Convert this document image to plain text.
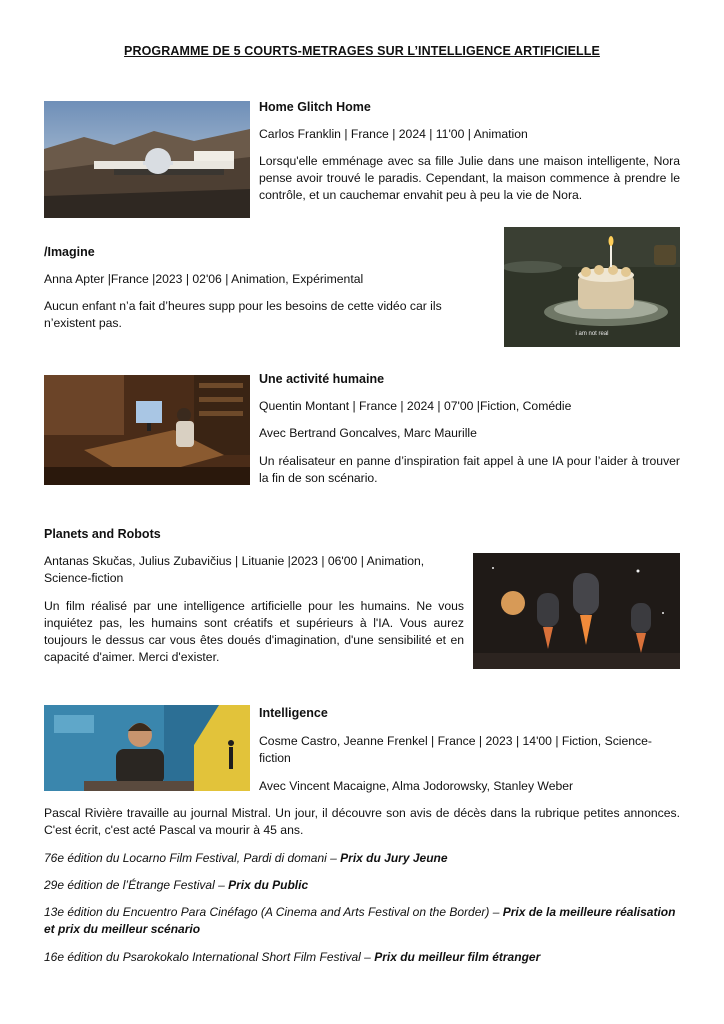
PROGRAMME DE 5 COURTS-METRAGES SUR L’INTELLIGENCE ARTIFICIELLE
Home Glitch Home
Carlos Franklin | France | 2024 | 11'00 | Animation
Lorsqu'elle emménage avec sa fille Julie dans une maison intelligente, Nora pense avoir trouvé le paradis. Cependant, la maison commence à prendre le contrôle, et un cauchemar envahit peu à peu la vie de Nora.
/Imagine
Anna Apter |France |2023 | 02'06 | Animation, Expérimental
Aucun enfant n’a fait d’heures supp pour les besoins de cette vidéo car ils n’existent pas.
i am not real
Une activité humaine
Quentin Montant | France | 2024 | 07'00 |Fiction, Comédie
Avec Bertrand Goncalves, Marc Maurille
Un réalisateur en panne d’inspiration fait appel à une IA pour l’aider à trouver la fin de son scénario.
Planets and Robots
Antanas Skučas, Julius Zubavičius | Lituanie |2023 | 06'00 | Animation, Science-fiction
Un film réalisé par une intelligence artificielle pour les humains. Ne vous inquiétez pas, les humains sont créatifs et supérieurs à l'IA. Vous aurez toujours le dessus car vous êtes doués d'imagination, d'une sensibilité et en capacité d'aimer. Merci d'exister.
Intelligence
Cosme Castro, Jeanne Frenkel | France | 2023 | 14'00 | Fiction, Science-fiction
Avec Vincent Macaigne, Alma Jodorowsky, Stanley Weber
Pascal Rivière travaille au journal Mistral. Un jour, il découvre son avis de décès dans la rubrique petites annonces. C'est écrit, c'est acté Pascal va mourir à 45 ans.
76e édition du Locarno Film Festival, Pardi di domani – Prix du Jury Jeune
29e édition de l’Étrange Festival – Prix du Public
13e édition du Encuentro Para Cinéfago (A Cinema and Arts Festival on the Border) – Prix de la meilleure réalisation et prix du meilleur scénario
16e édition du Psarokokalo International Short Film Festival – Prix du meilleur film étranger
